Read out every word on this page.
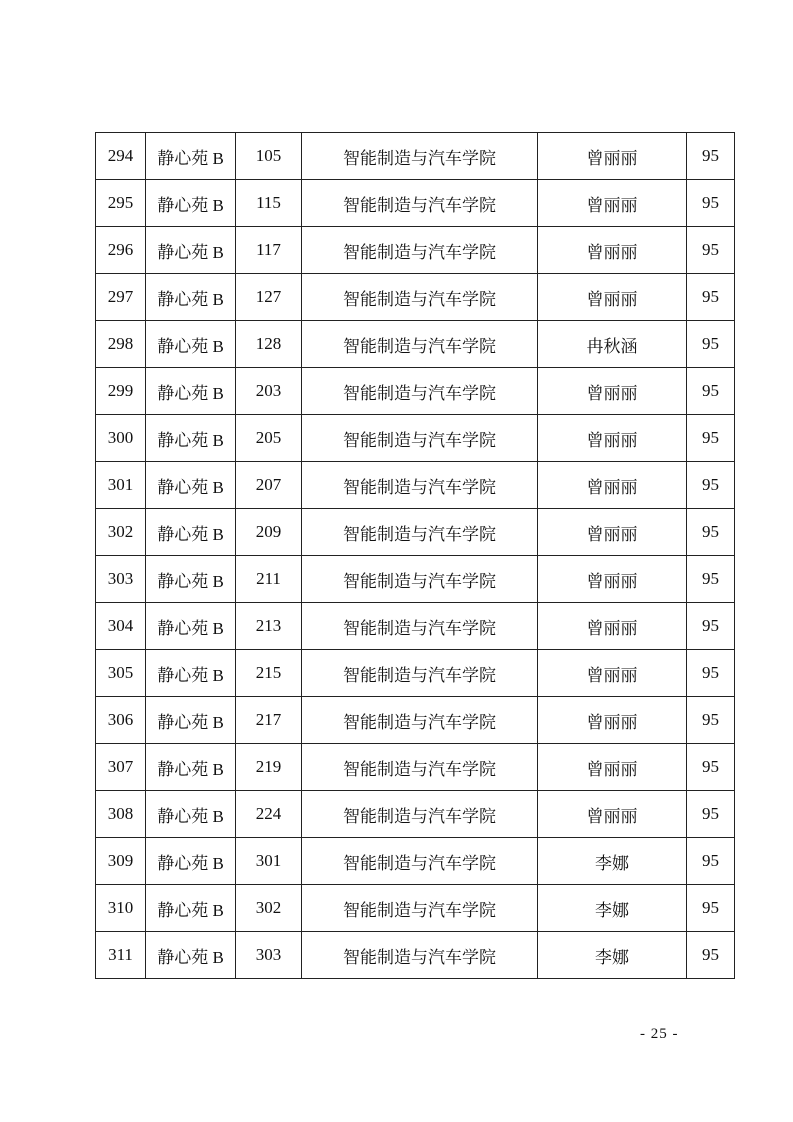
294	静心苑 B	105	智能制造与汽车学院	曾丽丽	95
295	静心苑 B	115	智能制造与汽车学院	曾丽丽	95
296	静心苑 B	117	智能制造与汽车学院	曾丽丽	95
297	静心苑 B	127	智能制造与汽车学院	曾丽丽	95
298	静心苑 B	128	智能制造与汽车学院	冉秋涵	95
299	静心苑 B	203	智能制造与汽车学院	曾丽丽	95
300	静心苑 B	205	智能制造与汽车学院	曾丽丽	95
301	静心苑 B	207	智能制造与汽车学院	曾丽丽	95
302	静心苑 B	209	智能制造与汽车学院	曾丽丽	95
303	静心苑 B	211	智能制造与汽车学院	曾丽丽	95
304	静心苑 B	213	智能制造与汽车学院	曾丽丽	95
305	静心苑 B	215	智能制造与汽车学院	曾丽丽	95
306	静心苑 B	217	智能制造与汽车学院	曾丽丽	95
307	静心苑 B	219	智能制造与汽车学院	曾丽丽	95
308	静心苑 B	224	智能制造与汽车学院	曾丽丽	95
309	静心苑 B	301	智能制造与汽车学院	李娜	95
310	静心苑 B	302	智能制造与汽车学院	李娜	95
311	静心苑 B	303	智能制造与汽车学院	李娜	95
- 25 -
